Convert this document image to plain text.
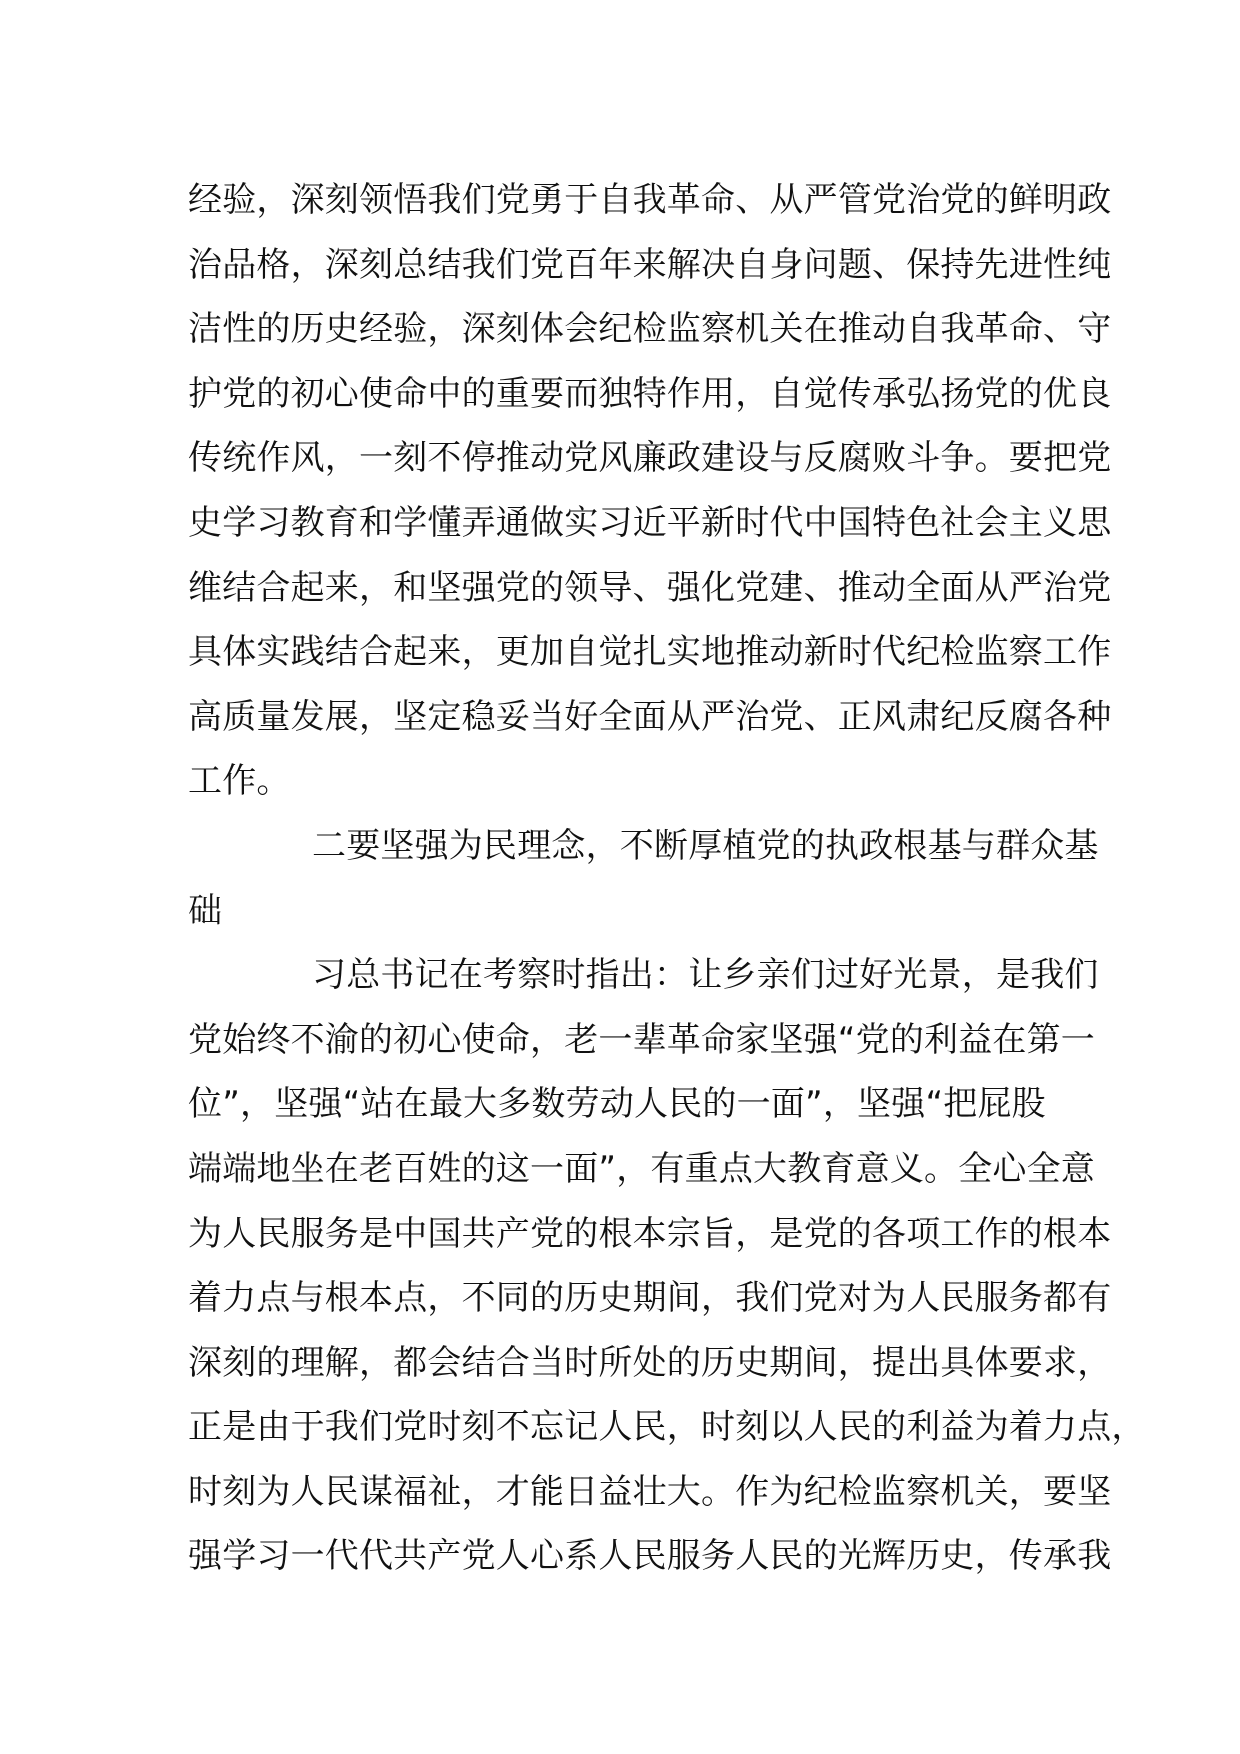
经验，深刻领悟我们党勇于自我革命、从严管党治党的鲜明政
治品格，深刻总结我们党百年来解决自身问题、保持先进性纯
洁性的历史经验，深刻体会纪检监察机关在推动自我革命、守
护党的初心使命中的重要而独特作用，自觉传承弘扬党的优良
传统作风，一刻不停推动党风廉政建设与反腐败斗争。要把党
史学习教育和学懂弄通做实习近平新时代中国特色社会主义思
维结合起来，和坚强党的领导、强化党建、推动全面从严治党
具体实践结合起来，更加自觉扎实地推动新时代纪检监察工作
高质量发展，坚定稳妥当好全面从严治党、正风肃纪反腐各种
工作。
二要坚强为民理念，不断厚植党的执政根基与群众基
础
习总书记在考察时指出：让乡亲们过好光景，是我们
党始终不渝的初心使命，老一辈革命家坚强“党的利益在第一
位”，坚强“站在最大多数劳动人民的一面”，坚强“把屁股
端端地坐在老百姓的这一面”，有重点大教育意义。全心全意
为人民服务是中国共产党的根本宗旨，是党的各项工作的根本
着力点与根本点，不同的历史期间，我们党对为人民服务都有
深刻的理解，都会结合当时所处的历史期间，提出具体要求，
正是由于我们党时刻不忘记人民，时刻以人民的利益为着力点，
时刻为人民谋福祉，才能日益壮大。作为纪检监察机关，要坚
强学习一代代共产党人心系人民服务人民的光辉历史，传承我
